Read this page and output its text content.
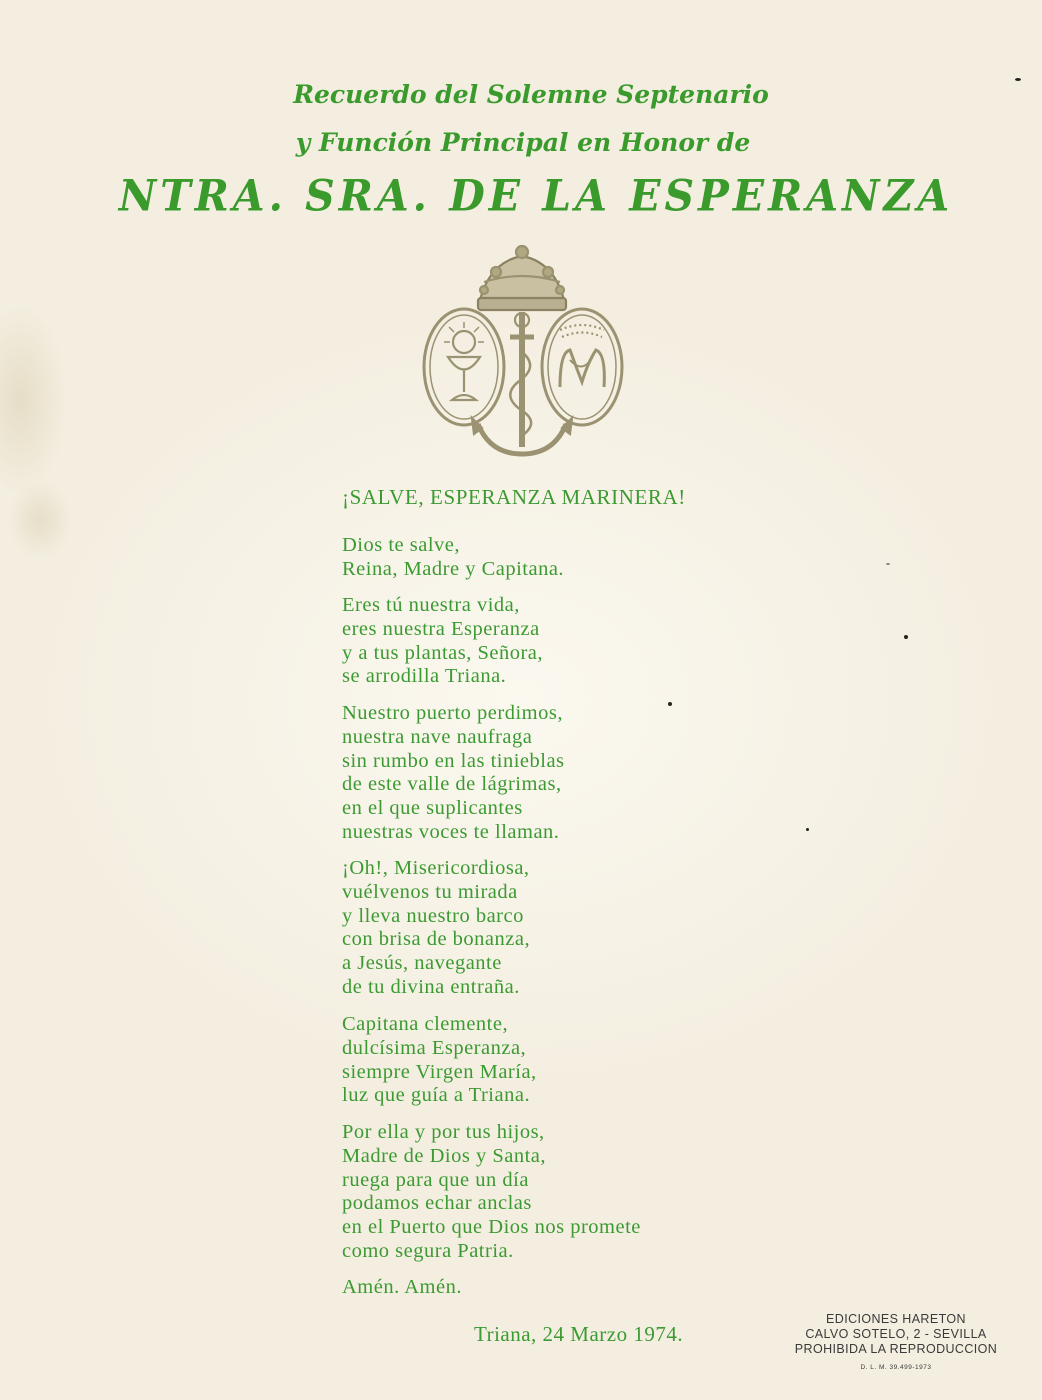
Recuerdo del Solemne Septenario
y Función Principal en Honor de
NTRA. SRA. DE LA ESPERANZA
¡SALVE, ESPERANZA MARINERA!
Dios te salve,
Reina, Madre y Capitana.
Eres tú nuestra vida,
eres nuestra Esperanza
y a tus plantas, Señora,
se arrodilla Triana.
Nuestro puerto perdimos,
nuestra nave naufraga
sin rumbo en las tinieblas
de este valle de lágrimas,
en el que suplicantes
nuestras voces te llaman.
¡Oh!, Misericordiosa,
vuélvenos tu mirada
y lleva nuestro barco
con brisa de bonanza,
a Jesús, navegante
de tu divina entraña.
Capitana clemente,
dulcísima Esperanza,
siempre Virgen María,
luz que guía a Triana.
Por ella y por tus hijos,
Madre de Dios y Santa,
ruega para que un día
podamos echar anclas
en el Puerto que Dios nos promete
como segura Patria.
Amén. Amén.
Triana, 24 Marzo 1974.
EDICIONES HARETON
CALVO SOTELO, 2 - SEVILLA
PROHIBIDA LA REPRODUCCION
D. L. M. 39.499-1973
